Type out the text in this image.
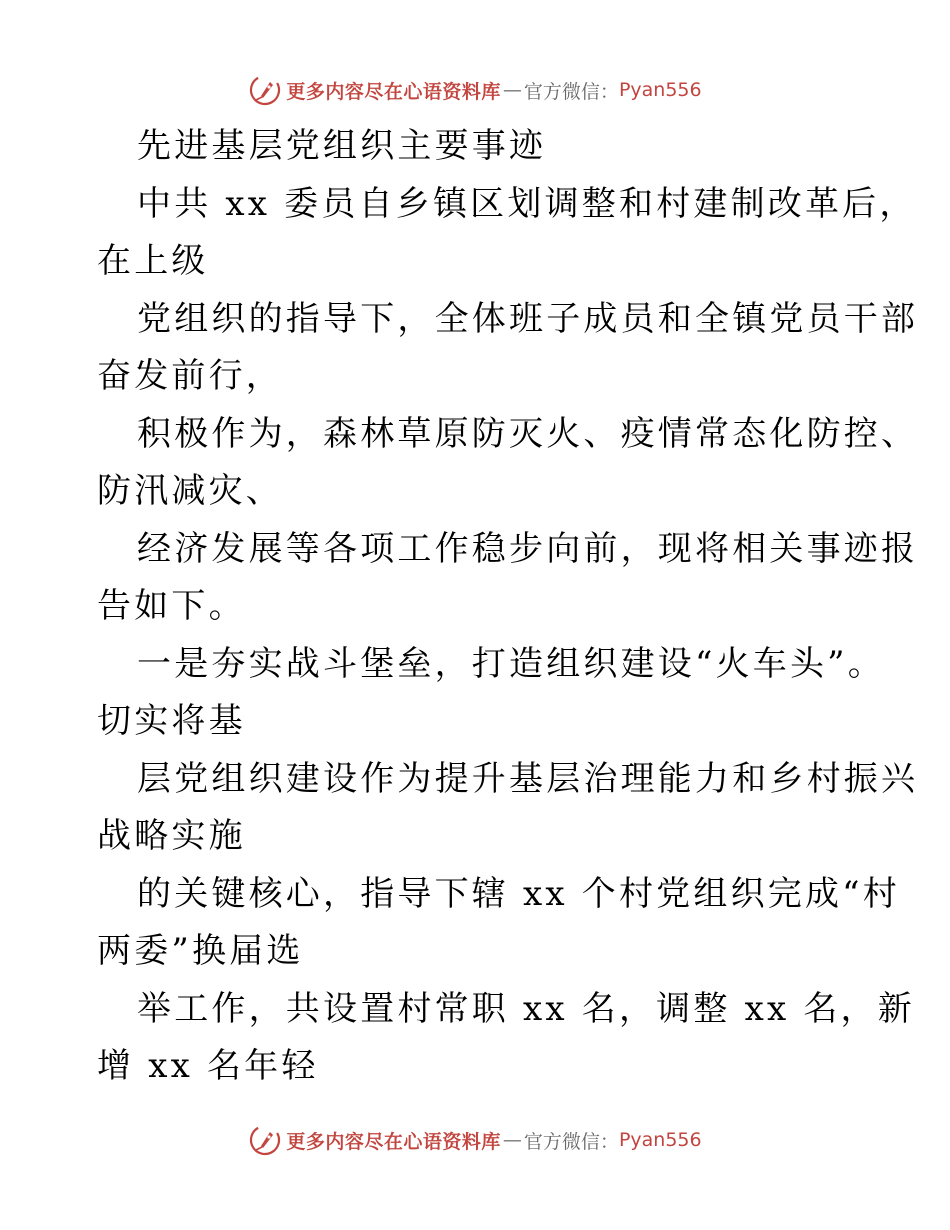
更多内容尽在心语资料库 — 官方微信： Pyan556
先进基层党组织主要事迹
中共 xx 委员自乡镇区划调整和村建制改革后，
在上级
党组织的指导下，全体班子成员和全镇党员干部
奋发前行，
积极作为，森林草原防灭火、疫情常态化防控、
防汛减灾、
经济发展等各项工作稳步向前，现将相关事迹报
告如下。
一是夯实战斗堡垒，打造组织建设“火车头”。
切实将基
层党组织建设作为提升基层治理能力和乡村振兴
战略实施
的关键核心，指导下辖 xx 个村党组织完成“村
两委”换届选
举工作，共设置村常职 xx 名，调整 xx 名，新
增 xx 名年轻
更多内容尽在心语资料库 — 官方微信： Pyan556
